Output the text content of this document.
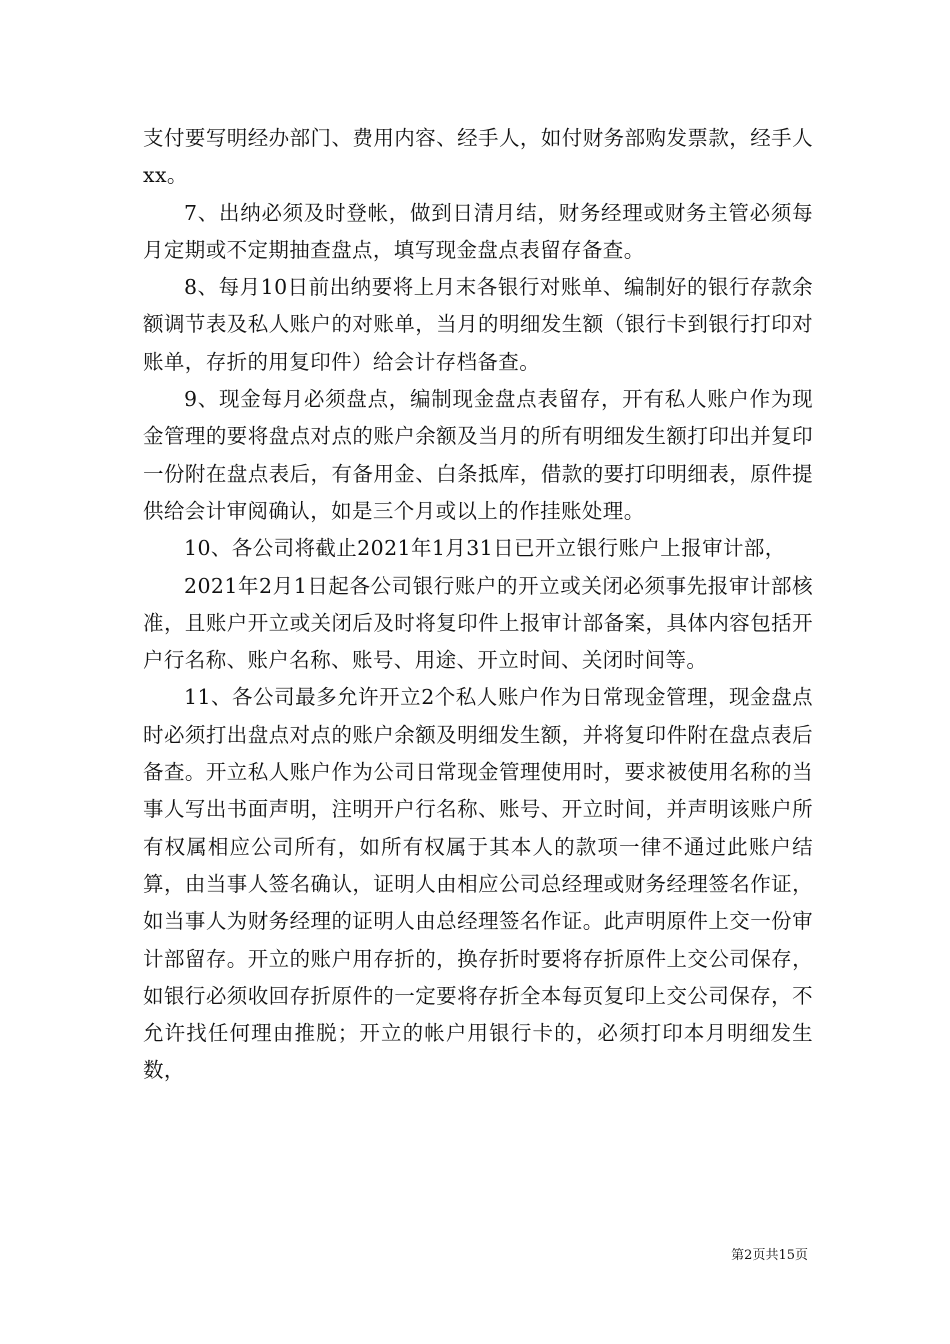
支付要写明经办部门、费用内容、经手人，如付财务部购发票款，经手人xx。

7、出纳必须及时登帐，做到日清月结，财务经理或财务主管必须每月定期或不定期抽查盘点，填写现金盘点表留存备查。

8、每月10日前出纳要将上月末各银行对账单、编制好的银行存款余额调节表及私人账户的对账单，当月的明细发生额（银行卡到银行打印对账单，存折的用复印件）给会计存档备查。

9、现金每月必须盘点，编制现金盘点表留存，开有私人账户作为现金管理的要将盘点对点的账户余额及当月的所有明细发生额打印出并复印一份附在盘点表后，有备用金、白条抵库，借款的要打印明细表，原件提供给会计审阅确认，如是三个月或以上的作挂账处理。

10、各公司将截止2021年1月31日已开立银行账户上报审计部，

2021年2月1日起各公司银行账户的开立或关闭必须事先报审计部核准，且账户开立或关闭后及时将复印件上报审计部备案，具体内容包括开户行名称、账户名称、账号、用途、开立时间、关闭时间等。

11、各公司最多允许开立2个私人账户作为日常现金管理，现金盘点时必须打出盘点对点的账户余额及明细发生额，并将复印件附在盘点表后备查。开立私人账户作为公司日常现金管理使用时，要求被使用名称的当事人写出书面声明，注明开户行名称、账号、开立时间，并声明该账户所有权属相应公司所有，如所有权属于其本人的款项一律不通过此账户结算，由当事人签名确认，证明人由相应公司总经理或财务经理签名作证，如当事人为财务经理的证明人由总经理签名作证。此声明原件上交一份审计部留存。开立的账户用存折的，换存折时要将存折原件上交公司保存，如银行必须收回存折原件的一定要将存折全本每页复印上交公司保存，不允许找任何理由推脱；开立的帐户用银行卡的，必须打印本月明细发生数，

第2页共15页
